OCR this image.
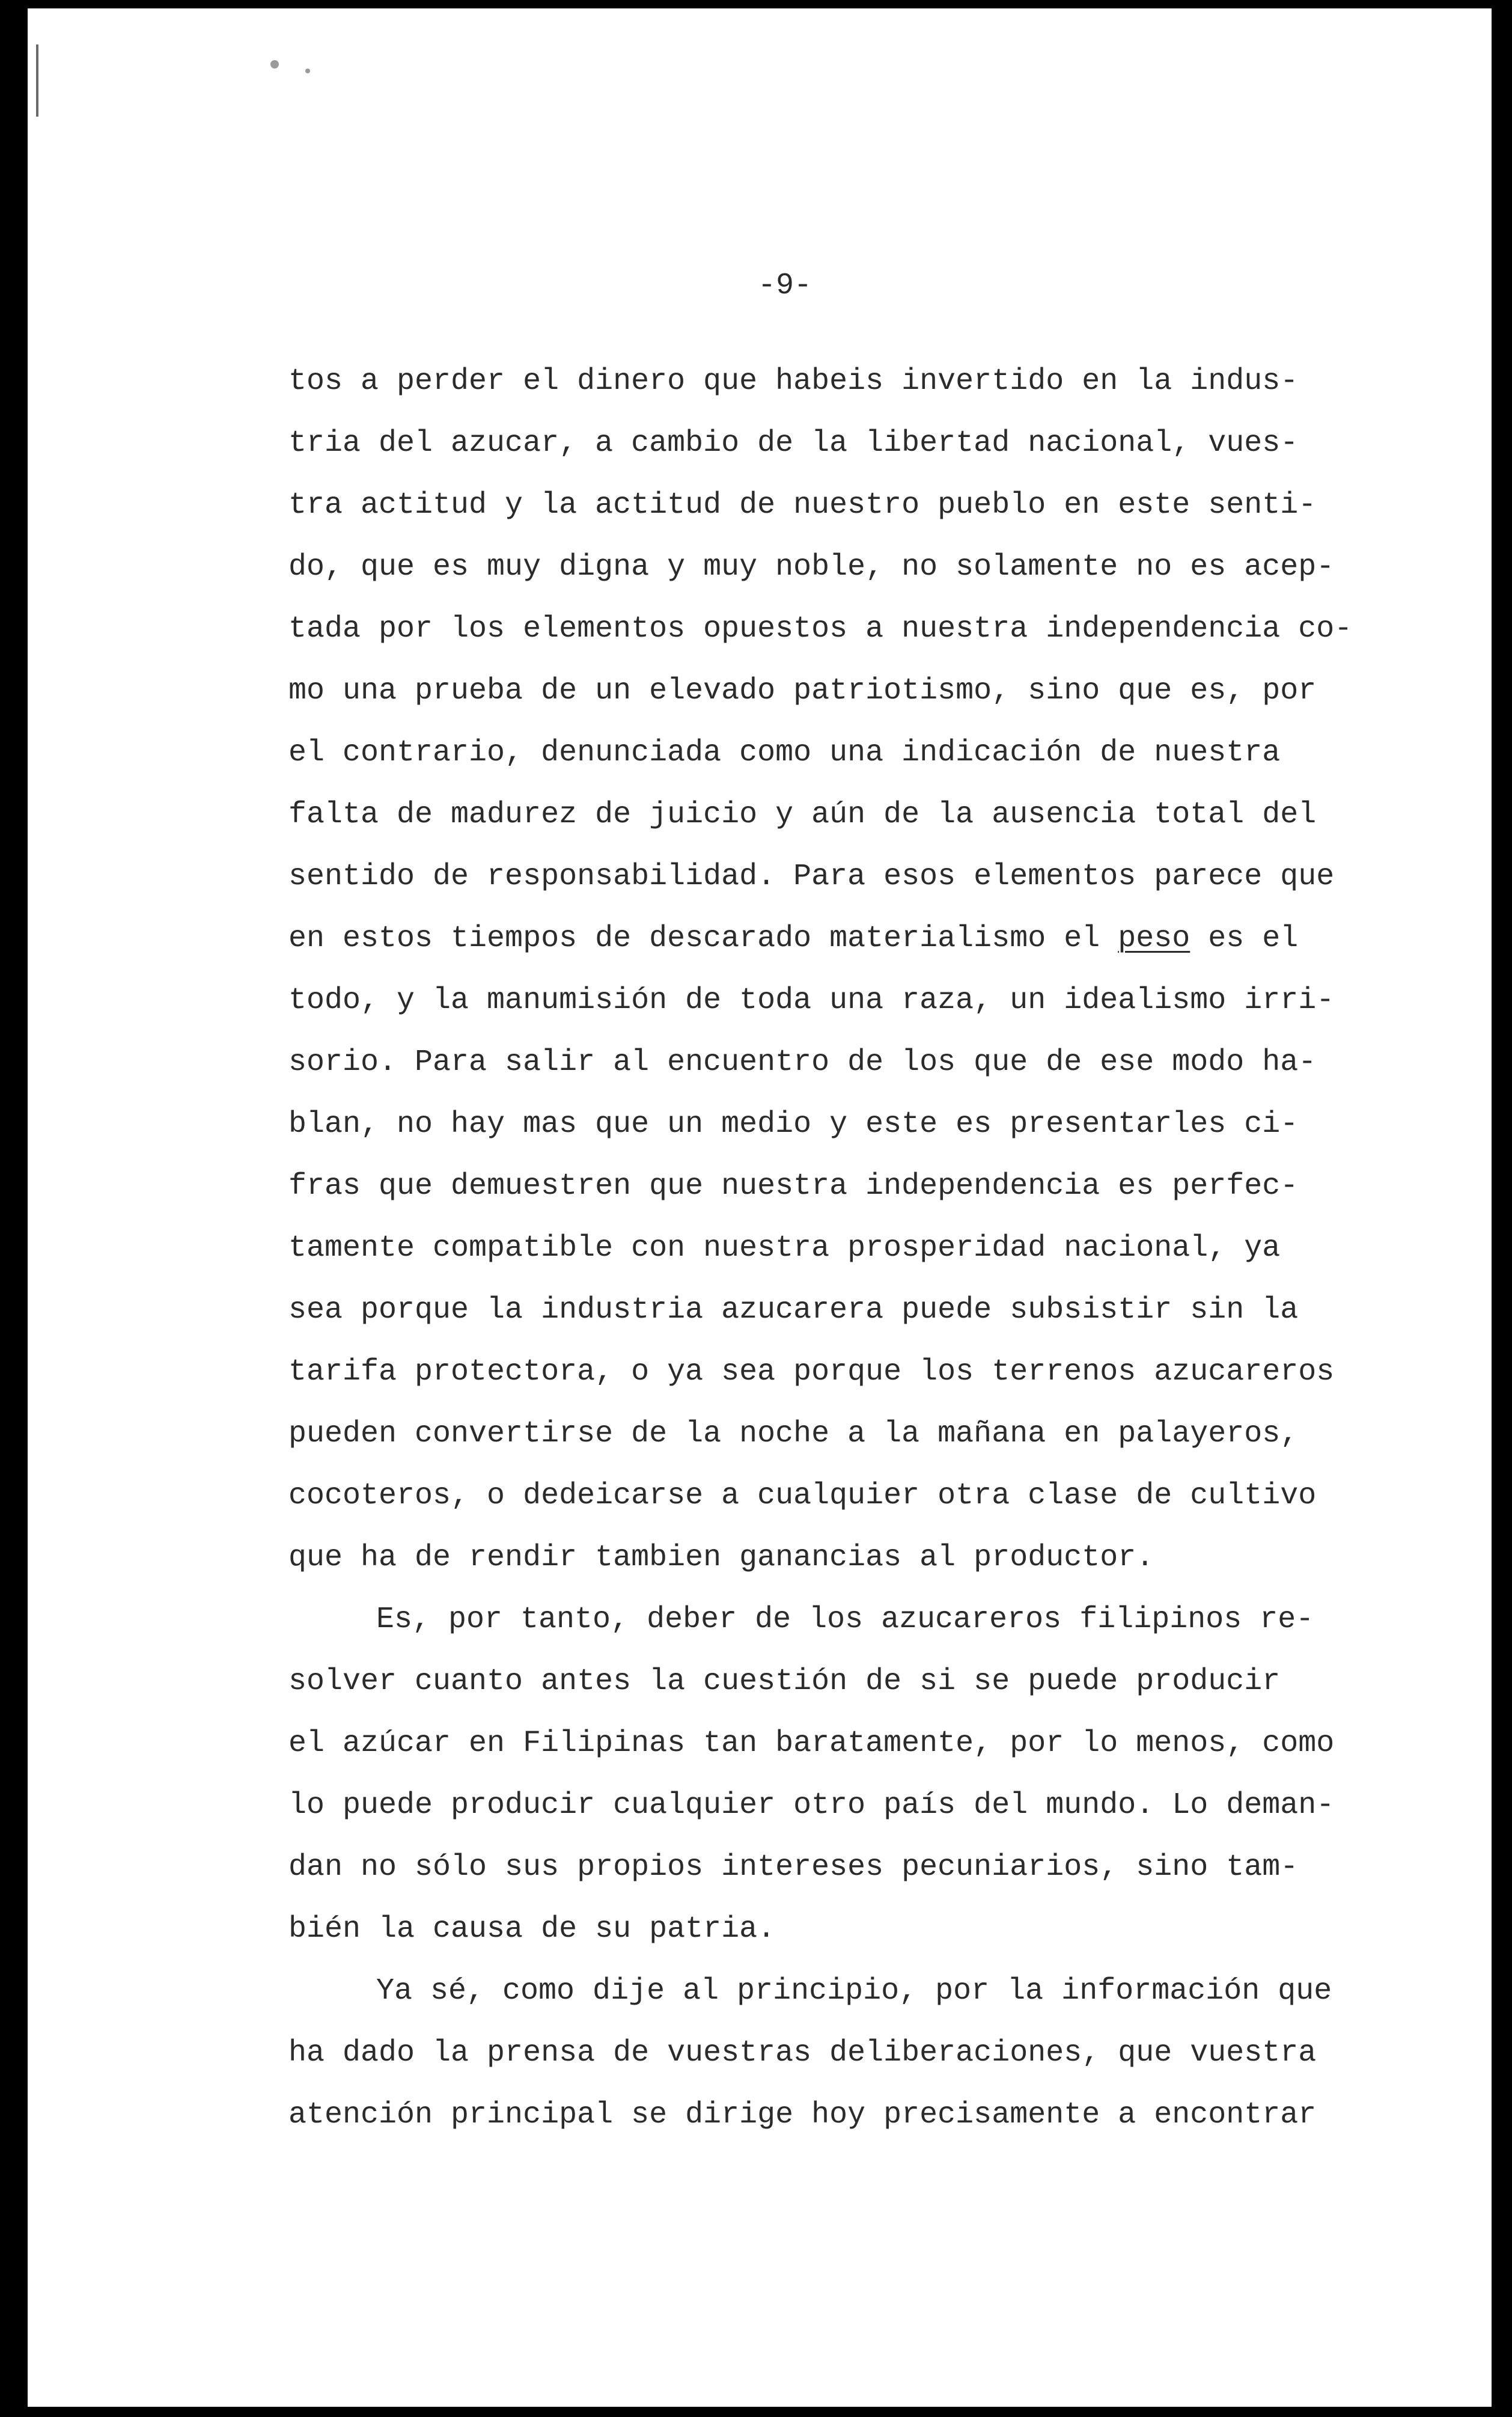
-9-

tos a perder el dinero que habeis invertido en la indus-
tria del azucar, a cambio de la libertad nacional, vues-
tra actitud y la actitud de nuestro pueblo en este senti-
do, que es muy digna y muy noble, no solamente no es acep-
tada por los elementos opuestos a nuestra independencia co-
mo una prueba de un elevado patriotismo, sino que es, por
el contrario, denunciada como una indicación de nuestra
falta de madurez de juicio y aún de la ausencia total del
sentido de responsabilidad. Para esos elementos parece que
en estos tiempos de descarado materialismo el peso es el
todo, y la manumisión de toda una raza, un idealismo irri-
sorio. Para salir al encuentro de los que de ese modo ha-
blan, no hay mas que un medio y este es presentarles ci-
fras que demuestren que nuestra independencia es perfec-
tamente compatible con nuestra prosperidad nacional, ya
sea porque la industria azucarera puede subsistir sin la
tarifa protectora, o ya sea porque los terrenos azucareros
pueden convertirse de la noche a la mañana en palayeros,
cocoteros, o dedeicarse a cualquier otra clase de cultivo
que ha de rendir tambien ganancias al productor.
Es, por tanto, deber de los azucareros filipinos re-
solver cuanto antes la cuestión de si se puede producir
el azúcar en Filipinas tan baratamente, por lo menos, como
lo puede producir cualquier otro país del mundo. Lo deman-
dan no sólo sus propios intereses pecuniarios, sino tam-
bién la causa de su patria.
Ya sé, como dije al principio, por la información que
ha dado la prensa de vuestras deliberaciones, que vuestra
atención principal se dirige hoy precisamente a encontrar
